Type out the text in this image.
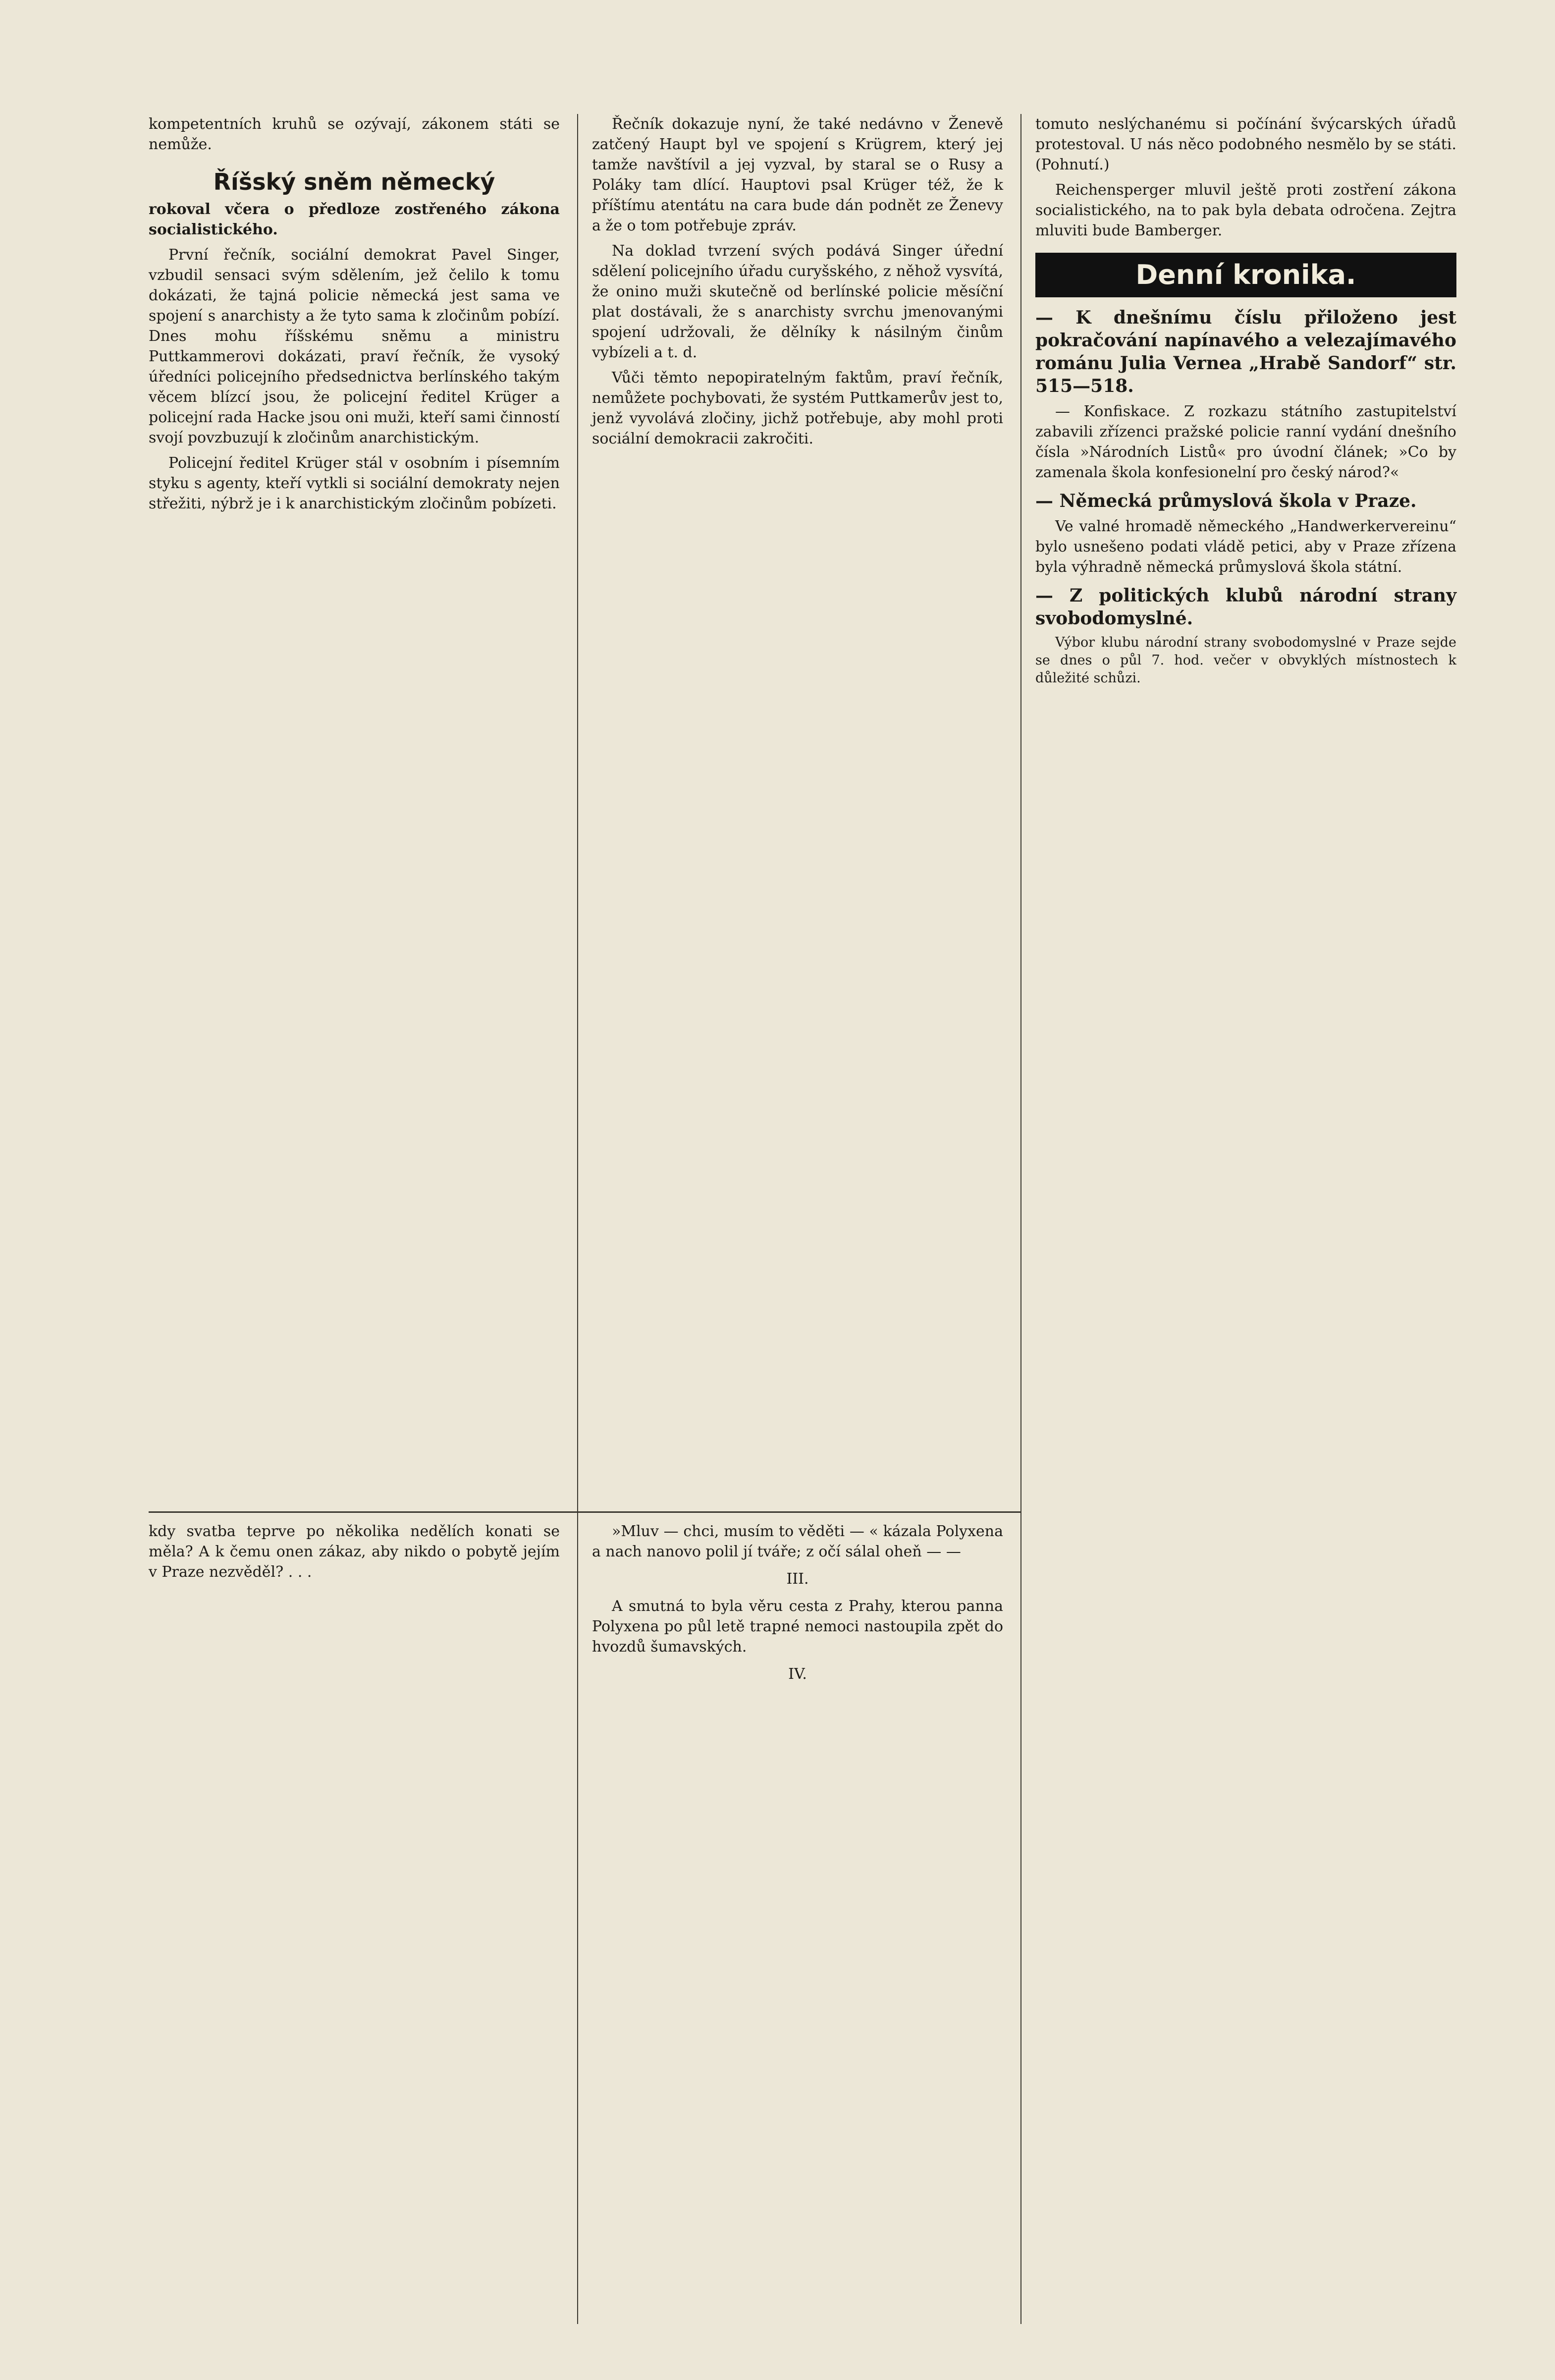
kompetentních kruhů se ozývají, zákonem státi se nemůže.

Říšský sněm německý

rokoval včera o předloze zostřeného zákona socialistického.

První řečník, sociální demokrat Pavel Singer, vzbudil sensaci svým sdělením, jež čelilo k tomu dokázati, že tajná policie německá jest sama ve spojení s anarchisty a že tyto sama k zločinům pobízí. Dnes mohu říšskému sněmu a ministru Puttkammerovi dokázati, praví řečník, že vysoký úředníci policejního předsednictva berlínského takým věcem blízcí jsou, že policejní ředitel Krüger a policejní rada Hacke jsou oni muži, kteří sami činností svojí povzbuzují k zločinům anarchistickým.

Policejní ředitel Krüger stál v osobním i písemním styku s agenty, kteří vytkli si sociální demokraty nejen střežiti, nýbrž je i k anarchistickým zločinům pobízeti.

Řečník dokazuje nyní, že také nedávno v Ženevě zatčený Haupt byl ve spojení s Krügrem, který jej tamže navštívil a jej vyzval, by staral se o Rusy a Poláky tam dlící. Hauptovi psal Krüger též, že k příštímu atentátu na cara bude dán podnět ze Ženevy a že o tom potřebuje zpráv.

Na doklad tvrzení svých podává Singer úřední sdělení policejního úřadu curyšského, z něhož vysvítá, že onino muži skutečně od berlínské policie měsíční plat dostávali, že s anarchisty svrchu jmenovanými spojení udržovali, že dělníky k násilným činům vybízeli a t. d.

Vůči těmto nepopiratelným faktům, praví řečník, nemůžete pochybovati, že systém Puttkamerův jest to, jenž vyvolává zločiny, jichž potřebuje, aby mohl proti sociální demokracii zakročiti.

tomuto neslýchanému si počínání švýcarských úřadů protestoval. U nás něco podobného nesmělo by se státi. (Pohnutí.)

Reichensperger mluvil ještě proti zostření zákona socialistického, na to pak byla debata odročena. Zejtra mluviti bude Bamberger.

Denní kronika.

— K dnešnímu číslu přiloženo jest pokračování napínavého a velezajímavého románu Julia Vernea „Hrabě Sandorf“ str. 515—518.

— Konfiskace. Z rozkazu státního zastupitelství zabavili zřízenci pražské policie ranní vydání dnešního čísla »Národních Listů« pro úvodní článek; »Co by zamenala škola konfesionelní pro český národ?«

— Německá průmyslová škola v Praze.

Ve valné hromadě německého „Handwerkervereinu“ bylo usnešeno podati vládě petici, aby v Praze zřízena byla výhradně německá průmyslová škola státní.

— Z politických klubů národní strany svobodomyslné.

Výbor klubu národní strany svobodomyslné v Praze sejde se dnes o půl 7. hod. večer v obvyklých místnostech k důležité schůzi.

kdy svatba teprve po několika nedělích konati se měla? A k čemu onen zákaz, aby nikdo o pobytě jejím v Praze nezvěděl? . . .

»Mluv — chci, musím to věděti — « kázala Polyxena a nach nanovo polil jí tváře; z očí sálal oheň — —

III.

A smutná to byla věru cesta z Prahy, kterou panna Polyxena po půl letě trapné nemoci nastoupila zpět do hvozdů šumavských.

IV.
